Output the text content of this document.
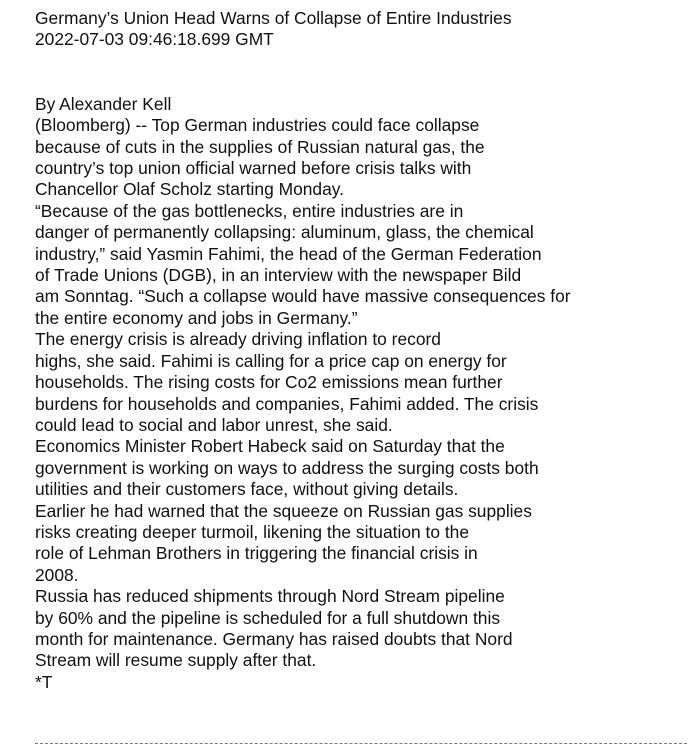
Germany’s Union Head Warns of Collapse of Entire Industries

2022-07-03 09:46:18.699 GMT

By Alexander Kell

(Bloomberg) -- Top German industries could face collapse

because of cuts in the supplies of Russian natural gas, the

country’s top union official warned before crisis talks with

Chancellor Olaf Scholz starting Monday.

“Because of the gas bottlenecks, entire industries are in

danger of permanently collapsing: aluminum, glass, the chemical

industry,” said Yasmin Fahimi, the head of the German Federation

of Trade Unions (DGB), in an interview with the newspaper Bild

am Sonntag. “Such a collapse would have massive consequences for

the entire economy and jobs in Germany.”

The energy crisis is already driving inflation to record

highs, she said. Fahimi is calling for a price cap on energy for

households. The rising costs for Co2 emissions mean further

burdens for households and companies, Fahimi added. The crisis

could lead to social and labor unrest, she said.

Economics Minister Robert Habeck said on Saturday that the

government is working on ways to address the surging costs both

utilities and their customers face, without giving details.

Earlier he had warned that the squeeze on Russian gas supplies

risks creating deeper turmoil, likening the situation to the

role of Lehman Brothers in triggering the financial crisis in

2008.

Russia has reduced shipments through Nord Stream pipeline

by 60% and the pipeline is scheduled for a full shutdown this

month for maintenance. Germany has raised doubts that Nord

Stream will resume supply after that.

*T
